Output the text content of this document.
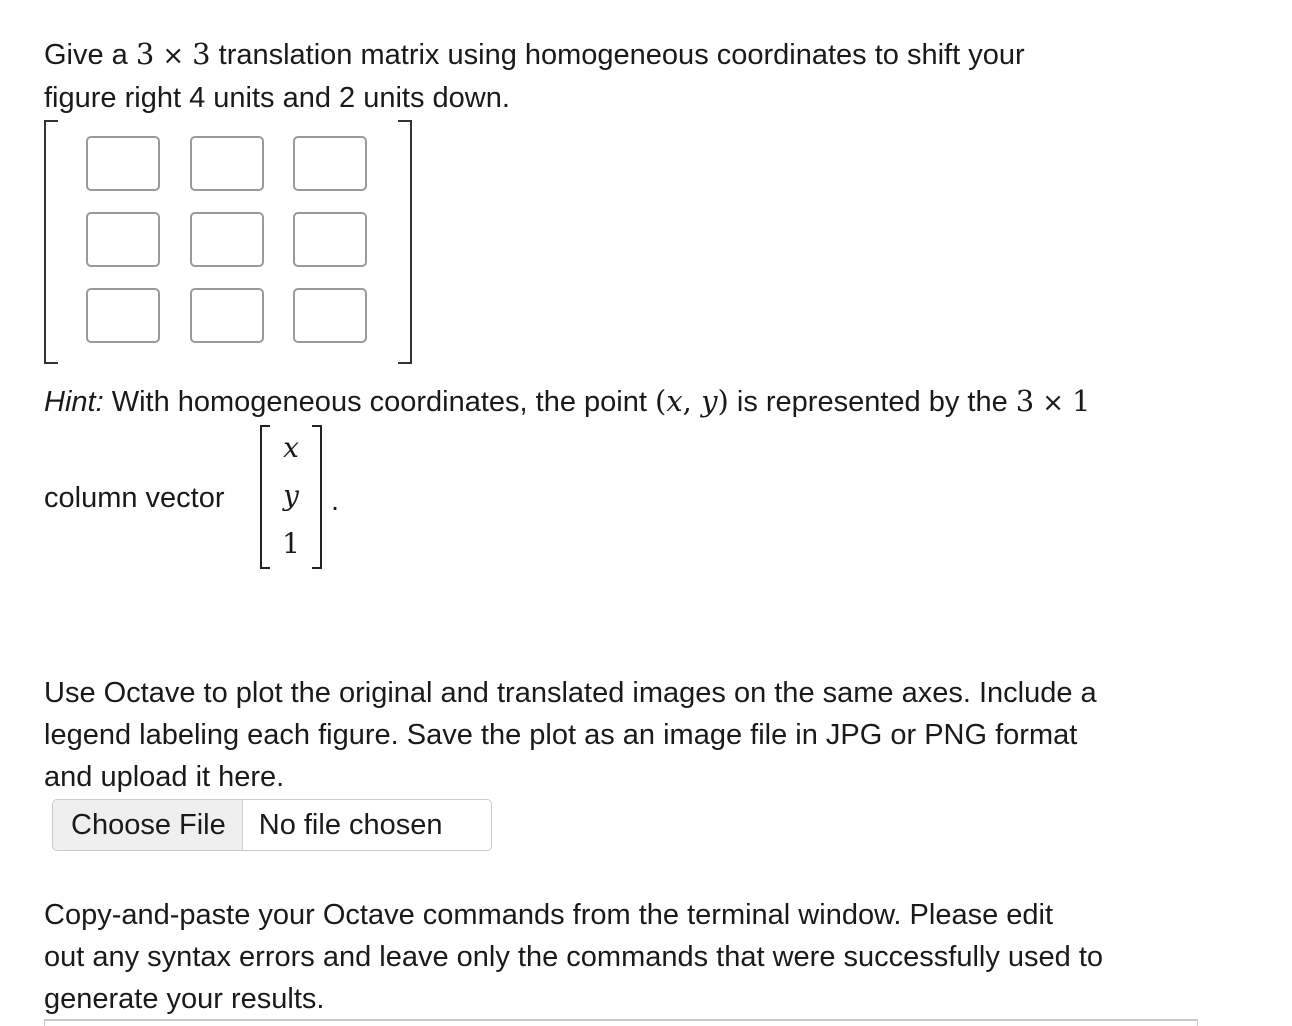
Give a 3 × 3 translation matrix using homogeneous coordinates to shift your
figure right 4 units and 2 units down.
Hint: With homogeneous coordinates, the point (x, y) is represented by the 3 × 1
column vector
x
y
1
.
Use Octave to plot the original and translated images on the same axes. Include a
legend labeling each figure. Save the plot as an image file in JPG or PNG format
and upload it here.
Choose File	No file chosen
Copy-and-paste your Octave commands from the terminal window. Please edit
out any syntax errors and leave only the commands that were successfully used to
generate your results.
